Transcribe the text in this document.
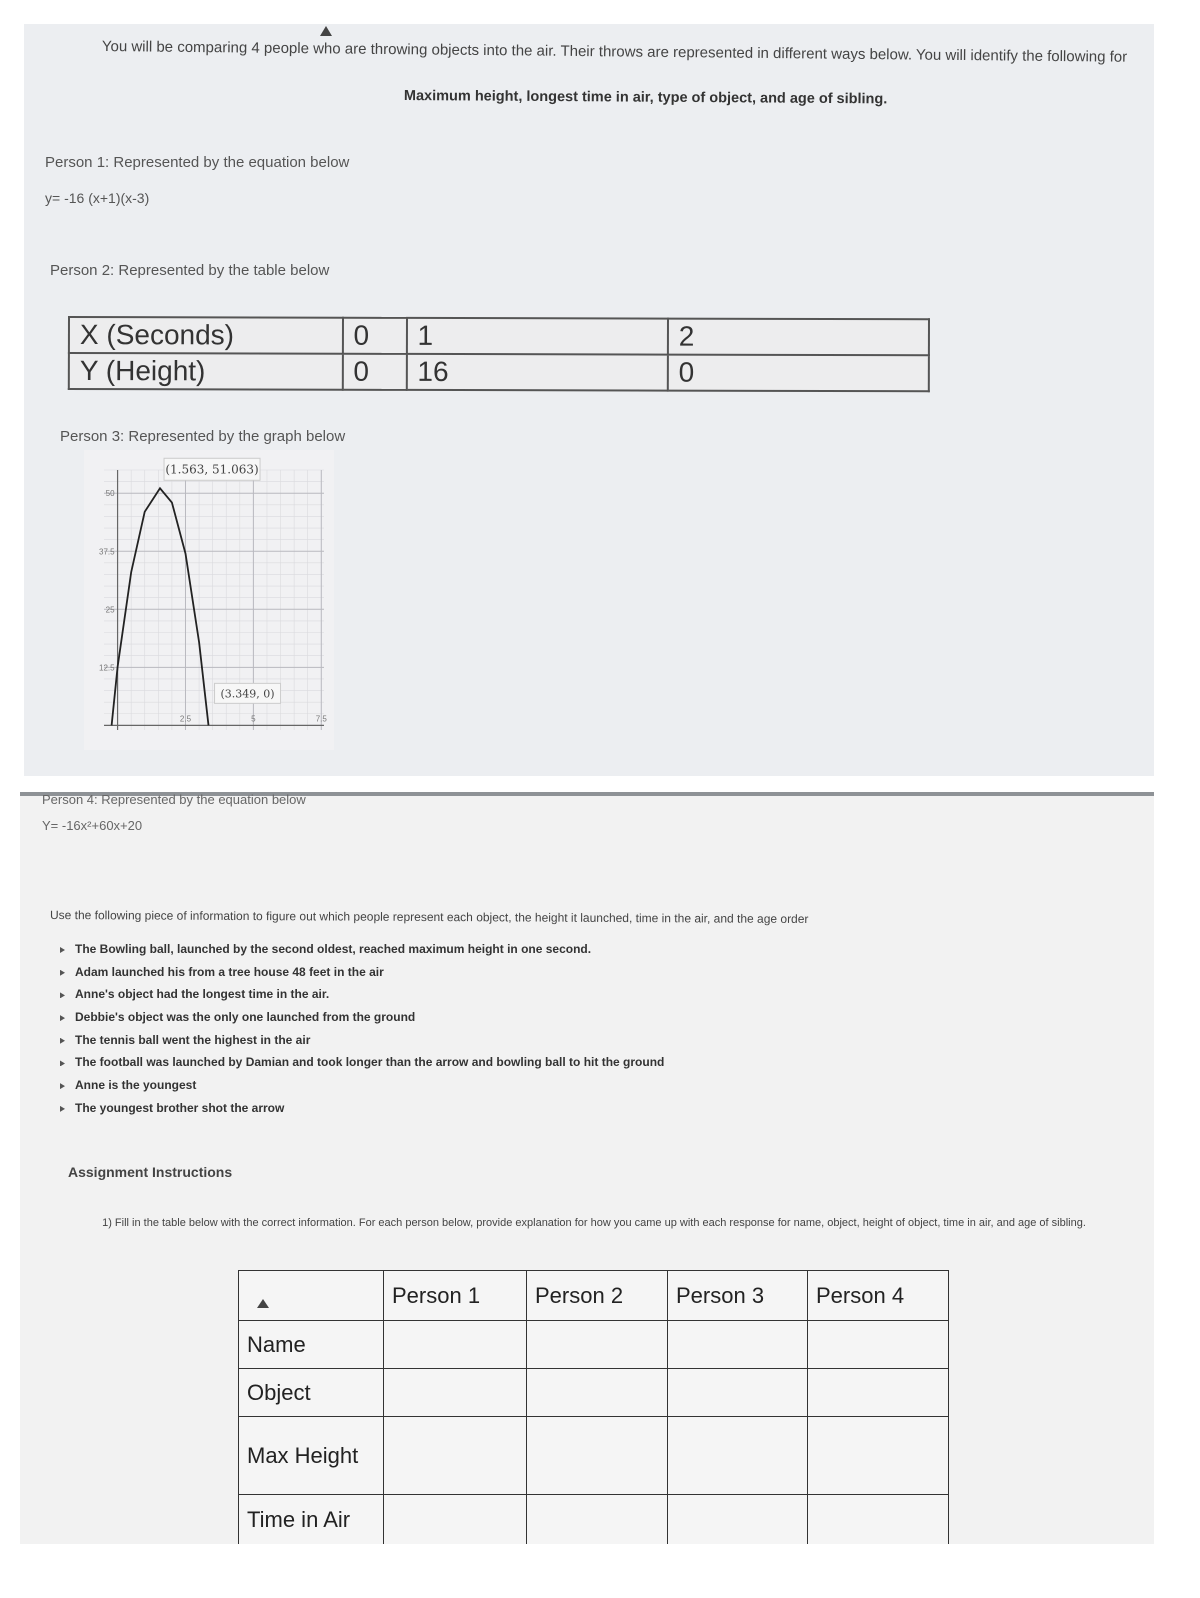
You will be comparing 4 people who are throwing objects into the air. Their throws are represented in different ways below. You will identify the following for
Maximum height, longest time in air, type of object, and age of sibling.
Person 1: Represented by the equation below
y= -16 (x+1)(x-3)
Person 2: Represented by the table below
X (Seconds)	0	1	2
Y (Height)	0	16	0
Person 3: Represented by the graph below
12.5
25
37.5
50
2.5	5	7.5
(1.563, 51.063)
(3.349, 0)
Person 4: Represented by the equation below
Y= -16x²+60x+20
Use the following piece of information to figure out which people represent each object, the height it launched, time in the air, and the age order
The Bowling ball, launched by the second oldest, reached maximum height in one second.
Adam launched his from a tree house 48 feet in the air
Anne's object had the longest time in the air.
Debbie's object was the only one launched from the ground
The tennis ball went the highest in the air
The football was launched by Damian and took longer than the arrow and bowling ball to hit the ground
Anne is the youngest
The youngest brother shot the arrow
Assignment Instructions
1) Fill in the table below with the correct information. For each person below, provide explanation for how you came up with each response for name, object, height of object, time in air, and age of sibling.
	Person 1	Person 2	Person 3	Person 4
Name				
Object				
Max Height				
Time in Air				
